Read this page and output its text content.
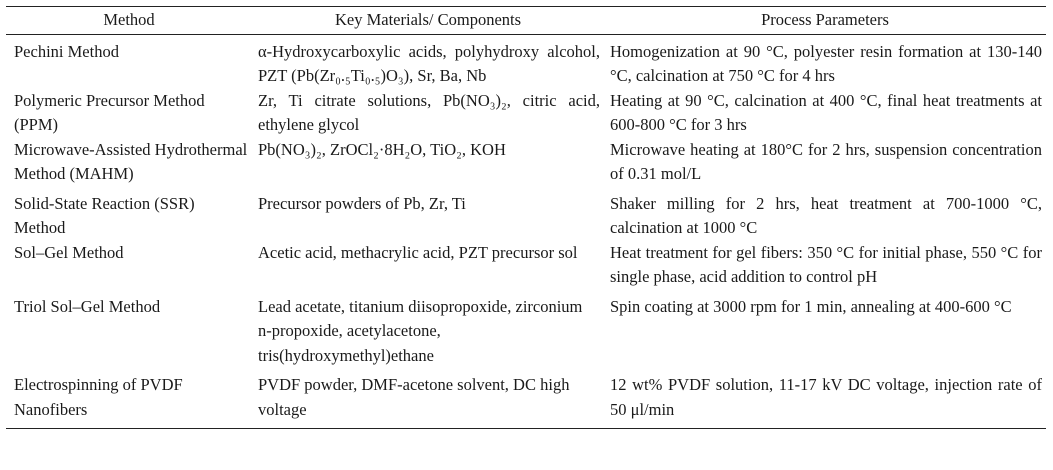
Method	Key Materials/ Components	Process Parameters
Pechini Method	α-Hydroxycarboxylic acids, polyhydroxy alcohol, PZT (Pb(Zr₀.₅Ti₀.₅)O₃), Sr, Ba, Nb	Homogenization at 90 °C, polyester resin formation at 130-140 °C, calcination at 750 °C for 4 hrs
Polymeric Precursor Method (PPM)	Zr, Ti citrate solutions, Pb(NO₃)₂, citric acid, ethylene glycol	Heating at 90 °C, calcination at 400 °C, final heat treatments at 600-800 °C for 3 hrs
Microwave-Assisted Hydrothermal Method (MAHM)	Pb(NO₃)₂, ZrOCl₂·8H₂O, TiO₂, KOH	Microwave heating at 180°C for 2 hrs, suspension concentration of 0.31 mol/L
Solid-State Reaction (SSR) Method	Precursor powders of Pb, Zr, Ti	Shaker milling for 2 hrs, heat treatment at 700-1000 °C, calcination at 1000 °C
Sol–Gel Method	Acetic acid, methacrylic acid, PZT precursor sol	Heat treatment for gel fibers: 350 °C for initial phase, 550 °C for single phase, acid addition to control pH
Triol Sol–Gel Method	Lead acetate, titanium diisopropoxide, zirconium n-propoxide, acetylacetone, tris(hydroxymethyl)ethane	Spin coating at 3000 rpm for 1 min, annealing at 400-600 °C
Electrospinning of PVDF Nanofibers	PVDF powder, DMF-acetone solvent, DC high voltage	12 wt% PVDF solution, 11-17 kV DC voltage, injection rate of 50 μl/min
